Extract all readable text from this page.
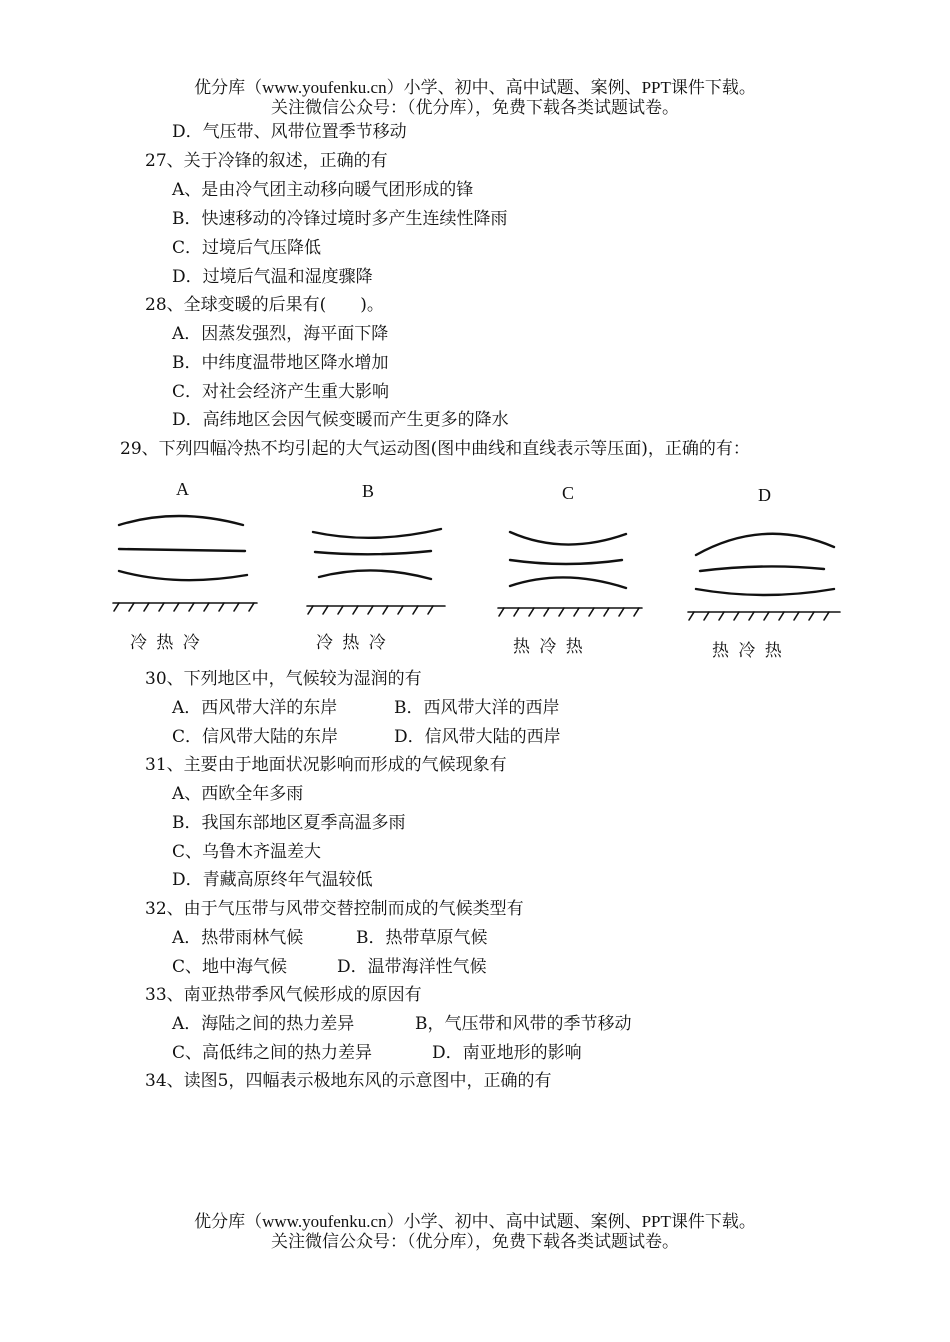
优分库（www.youfenku.cn）小学、初中、高中试题、案例、PPT课件下载。
关注微信公众号：（优分库），免费下载各类试题试卷。
D．气压带、风带位置季节移动
27、关于冷锋的叙述，正确的有
A、是由冷气团主动移向暖气团形成的锋
B．快速移动的冷锋过境时多产生连续性降雨
C．过境后气压降低
D．过境后气温和湿度骤降
28、全球变暖的后果有(　　)。
A．因蒸发强烈，海平面下降
B．中纬度温带地区降水增加
C．对社会经济产生重大影响
D．高纬地区会因气候变暖而产生更多的降水
29、下列四幅冷热不均引起的大气运动图(图中曲线和直线表示等压面)，正确的有：
A
冷 热 冷
B
冷 热 冷
C
热 冷 热
D
热 冷 热
30、下列地区中，气候较为湿润的有
A．西风带大洋的东岸	B．西风带大洋的西岸
C．信风带大陆的东岸	D．信风带大陆的西岸
31、主要由于地面状况影响而形成的气候现象有
A、西欧全年多雨
B．我国东部地区夏季高温多雨
C、乌鲁木齐温差大
D．青藏高原终年气温较低
32、由于气压带与风带交替控制而成的气候类型有
A．热带雨林气候	B．热带草原气候
C、地中海气候	D．温带海洋性气候
33、南亚热带季风气候形成的原因有
A．海陆之间的热力差异	B，气压带和风带的季节移动
C、高低纬之间的热力差异	D．南亚地形的影响
34、读图5，四幅表示极地东风的示意图中，正确的有
优分库（www.youfenku.cn）小学、初中、高中试题、案例、PPT课件下载。
关注微信公众号：（优分库），免费下载各类试题试卷。
